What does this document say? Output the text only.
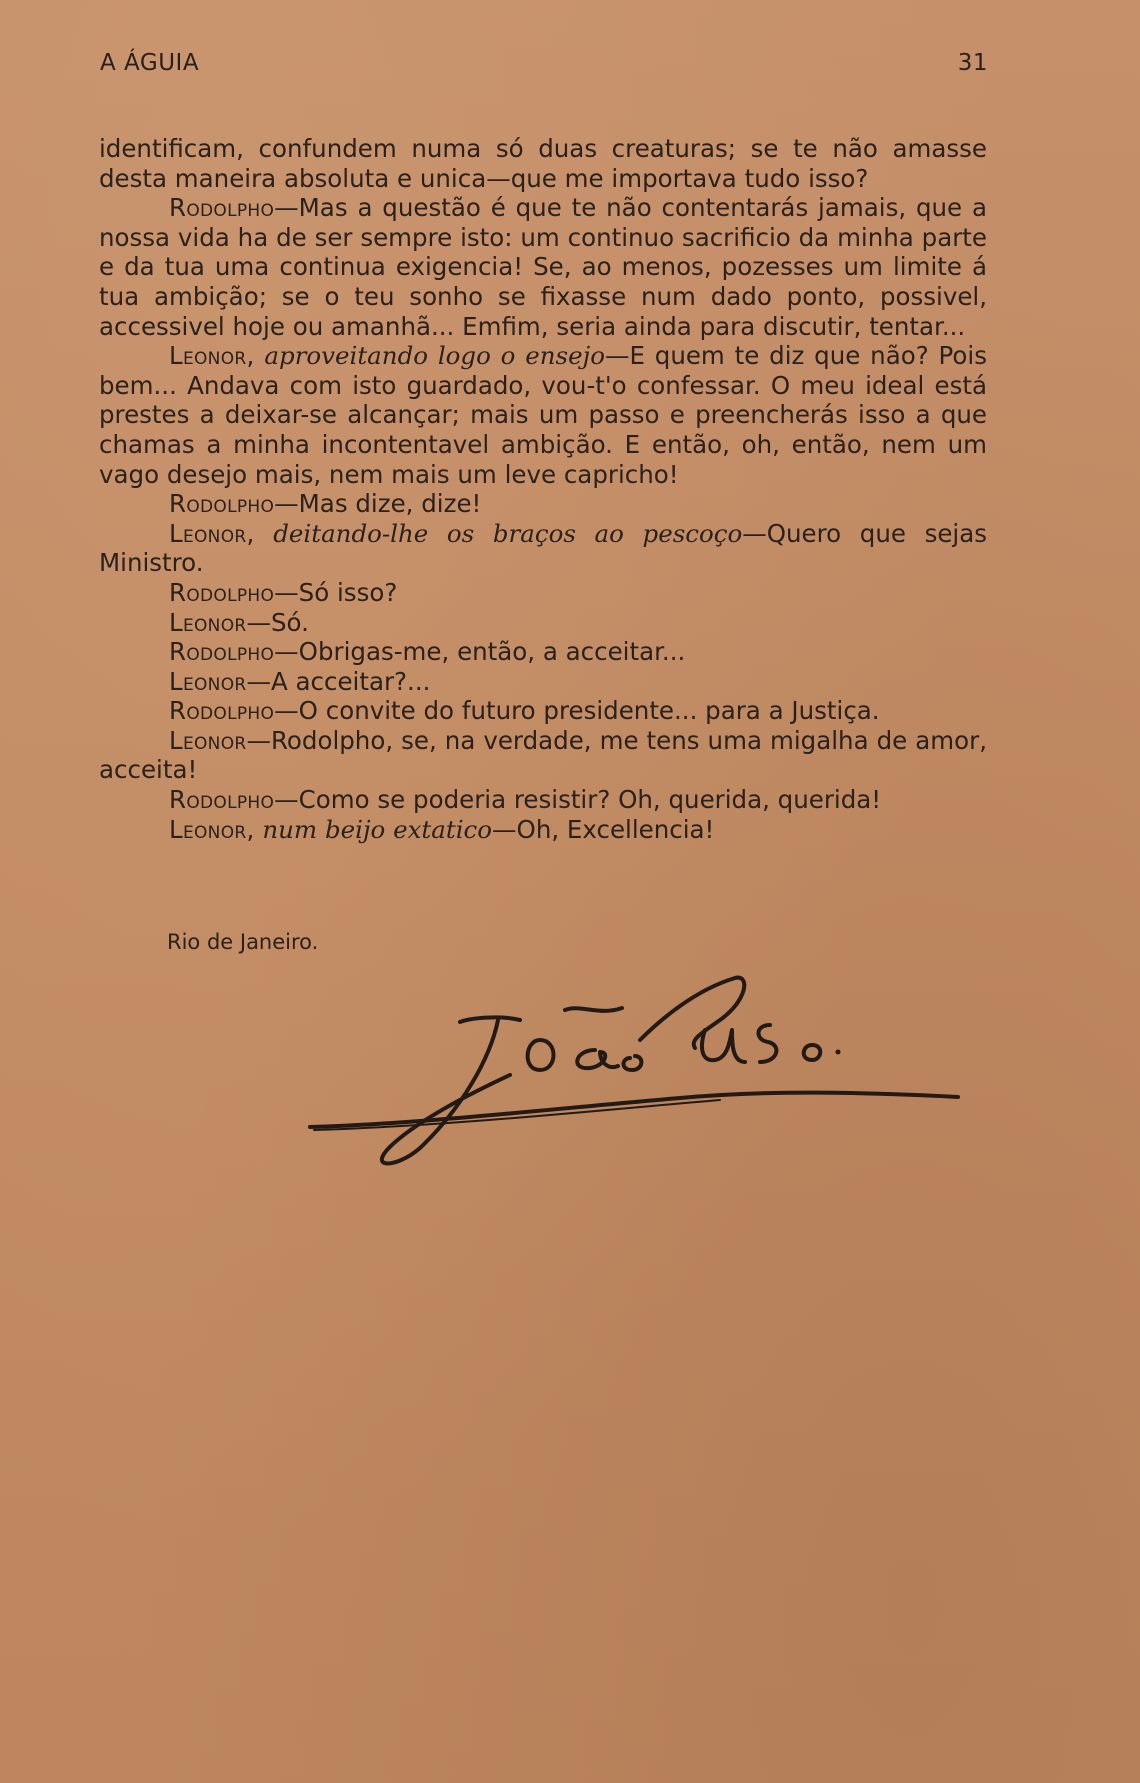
A ÁGUIA	31

identificam, confundem numa só duas creaturas; se te não amasse desta maneira absoluta e unica—que me importava tudo isso?

Rodolpho—Mas a questão é que te não contentarás jamais, que a nossa vida ha de ser sempre isto: um continuo sacrificio da minha parte e da tua uma continua exigencia! Se, ao menos, pozesses um limite á tua ambição; se o teu sonho se fixasse num dado ponto, possivel, accessivel hoje ou amanhã... Emfim, seria ainda para discutir, tentar...

Leonor, aproveitando logo o ensejo—E quem te diz que não? Pois bem... Andava com isto guardado, vou-t'o confessar. O meu ideal está prestes a deixar-se alcançar; mais um passo e preencherás isso a que chamas a minha incontentavel ambição. E então, oh, então, nem um vago desejo mais, nem mais um leve capricho!

Rodolpho—Mas dize, dize!

Leonor, deitando-lhe os braços ao pescoço—Quero que sejas Ministro.

Rodolpho—Só isso?

Leonor—Só.

Rodolpho—Obrigas-me, então, a acceitar...

Leonor—A acceitar?...

Rodolpho—O convite do futuro presidente... para a Justiça.

Leonor—Rodolpho, se, na verdade, me tens uma migalha de amor, acceita!

Rodolpho—Como se poderia resistir? Oh, querida, querida!

Leonor, num beijo extatico—Oh, Excellencia!

Rio de Janeiro.
